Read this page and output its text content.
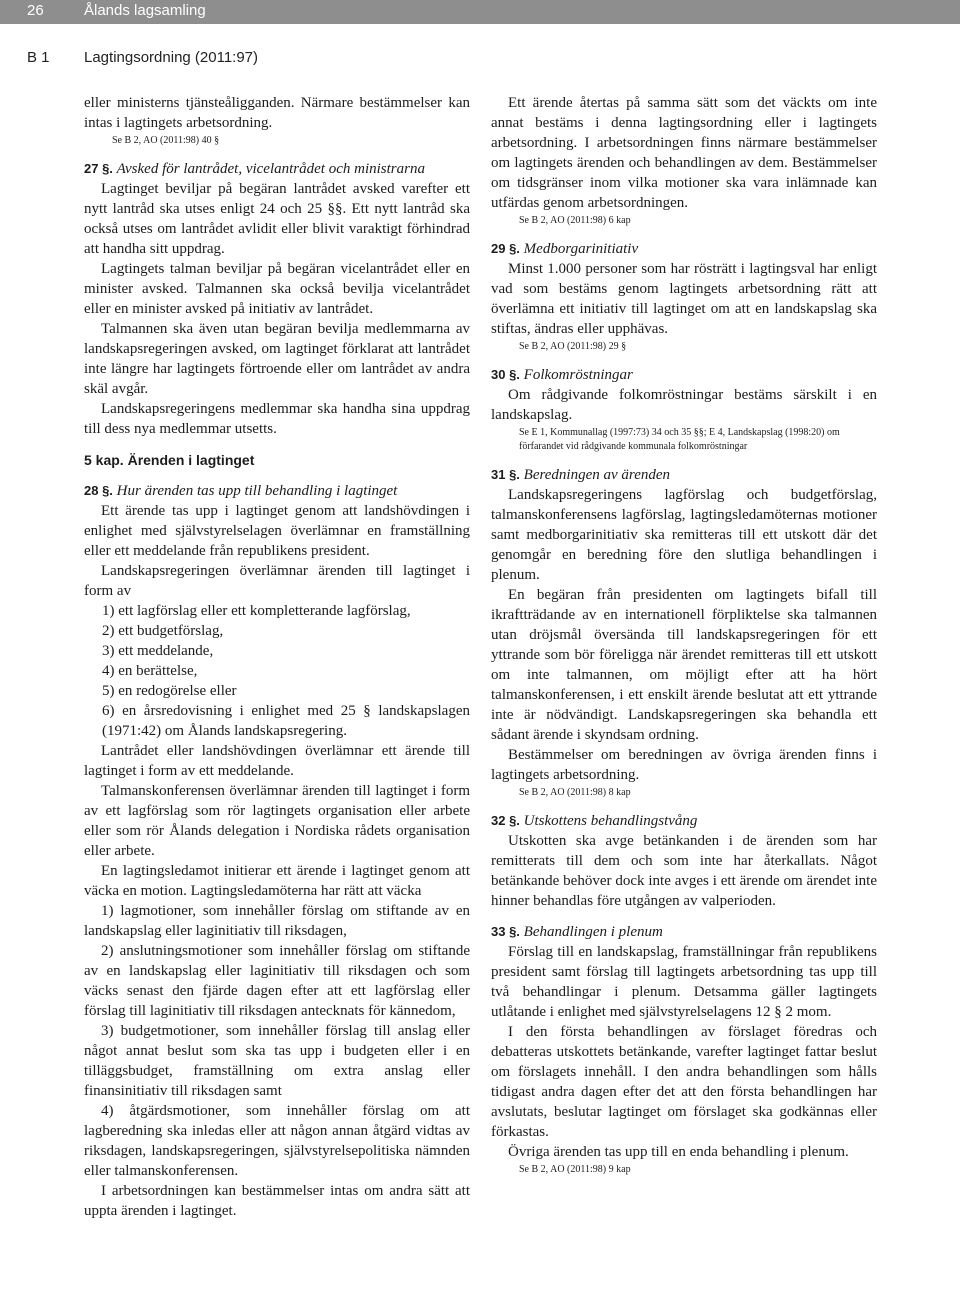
26	Ålands lagsamling
B 1 Lagtingsordning (2011:97)

eller ministerns tjänsteåligganden. Närmare bestämmelser kan intas i lagtingets arbetsordning.

Se B 2, AO (2011:98) 40 §

27 §. Avsked för lantrådet, vicelantrådet och ministrarna

Lagtinget beviljar på begäran lantrådet avsked varefter ett nytt lantråd ska utses enligt 24 och 25 §§. Ett nytt lantråd ska också utses om lantrådet avlidit eller blivit varaktigt förhindrad att handha sitt uppdrag.

Lagtingets talman beviljar på begäran vicelantrådet eller en minister avsked. Talmannen ska också bevilja vicelantrådet eller en minister avsked på initiativ av lantrådet.

Talmannen ska även utan begäran bevilja medlemmarna av landskapsregeringen avsked, om lagtinget förklarat att lantrådet inte längre har lagtingets förtroende eller om lantrådet av andra skäl avgår.

Landskapsregeringens medlemmar ska handha sina uppdrag till dess nya medlemmar utsetts.

5 kap. Ärenden i lagtinget

28 §. Hur ärenden tas upp till behandling i lagtinget

Ett ärende tas upp i lagtinget genom att landshövdingen i enlighet med självstyrelselagen överlämnar en framställning eller ett meddelande från republikens president.

Landskapsregeringen överlämnar ärenden till lagtinget i form av

1) ett lagförslag eller ett kompletterande lagförslag,

2) ett budgetförslag,

3) ett meddelande,

4) en berättelse,

5) en redogörelse eller

6) en årsredovisning i enlighet med 25 § landskapslagen (1971:42) om Ålands landskapsregering.

Lantrådet eller landshövdingen överlämnar ett ärende till lagtinget i form av ett meddelande.

Talmanskonferensen överlämnar ärenden till lagtinget i form av ett lagförslag som rör lagtingets organisation eller arbete eller som rör Ålands delegation i Nordiska rådets organisation eller arbete.

En lagtingsledamot initierar ett ärende i lagtinget genom att väcka en motion. Lagtingsledamöterna har rätt att väcka

1) lagmotioner, som innehåller förslag om stiftande av en landskapslag eller laginitiativ till riksdagen,

2) anslutningsmotioner som innehåller förslag om stiftande av en landskapslag eller laginitiativ till riksdagen och som väcks senast den fjärde dagen efter att ett lagförslag eller förslag till laginitiativ till riksdagen antecknats för kännedom,

3) budgetmotioner, som innehåller förslag till anslag eller något annat beslut som ska tas upp i budgeten eller i en tilläggsbudget, framställning om extra anslag eller finansinitiativ till riksdagen samt

4) åtgärdsmotioner, som innehåller förslag om att lagberedning ska inledas eller att någon annan åtgärd vidtas av riksdagen, landskapsregeringen, självstyrelsepolitiska nämnden eller talmanskonferensen.

I arbetsordningen kan bestämmelser intas om andra sätt att uppta ärenden i lagtinget.

Ett ärende återtas på samma sätt som det väckts om inte annat bestäms i denna lagtingsordning eller i lagtingets arbetsordning. I arbetsordningen finns närmare bestämmelser om lagtingets ärenden och behandlingen av dem. Bestämmelser om tidsgränser inom vilka motioner ska vara inlämnade kan utfärdas genom arbetsordningen.

Se B 2, AO (2011:98) 6 kap

29 §. Medborgarinitiativ

Minst 1.000 personer som har rösträtt i lagtingsval har enligt vad som bestäms genom lagtingets arbetsordning rätt att överlämna ett initiativ till lagtinget om att en landskapslag ska stiftas, ändras eller upphävas.

Se B 2, AO (2011:98) 29 §

30 §. Folkomröstningar

Om rådgivande folkomröstningar bestäms särskilt i en landskapslag.

Se E 1, Kommunallag (1997:73) 34 och 35 §§; E 4, Landskapslag (1998:20) om förfarandet vid rådgivande kommunala folkomröstningar

31 §. Beredningen av ärenden

Landskapsregeringens lagförslag och budgetförslag, talmanskonferensens lagförslag, lagtingsledamöternas motioner samt medborgarinitiativ ska remitteras till ett utskott där det genomgår en beredning före den slutliga behandlingen i plenum.

En begäran från presidenten om lagtingets bifall till ikraftträdande av en internationell förpliktelse ska talmannen utan dröjsmål översända till landskapsregeringen för ett yttrande som bör föreligga när ärendet remitteras till ett utskott om inte talmannen, om möjligt efter att ha hört talmanskonferensen, i ett enskilt ärende beslutat att ett yttrande inte är nödvändigt. Landskapsregeringen ska behandla ett sådant ärende i skyndsam ordning.

Bestämmelser om beredningen av övriga ärenden finns i lagtingets arbetsordning.

Se B 2, AO (2011:98) 8 kap

32 §. Utskottens behandlingstvång

Utskotten ska avge betänkanden i de ärenden som har remitterats till dem och som inte har återkallats. Något betänkande behöver dock inte avges i ett ärende om ärendet inte hinner behandlas före utgången av valperioden.

33 §. Behandlingen i plenum

Förslag till en landskapslag, framställningar från republikens president samt förslag till lagtingets arbetsordning tas upp till två behandlingar i plenum. Detsamma gäller lagtingets utlåtande i enlighet med självstyrelselagens 12 § 2 mom.

I den första behandlingen av förslaget föredras och debatteras utskottets betänkande, varefter lagtinget fattar beslut om förslagets innehåll. I den andra behandlingen som hålls tidigast andra dagen efter det att den första behandlingen har avslutats, beslutar lagtinget om förslaget ska godkännas eller förkastas.

Övriga ärenden tas upp till en enda behandling i plenum.

Se B 2, AO (2011:98) 9 kap
